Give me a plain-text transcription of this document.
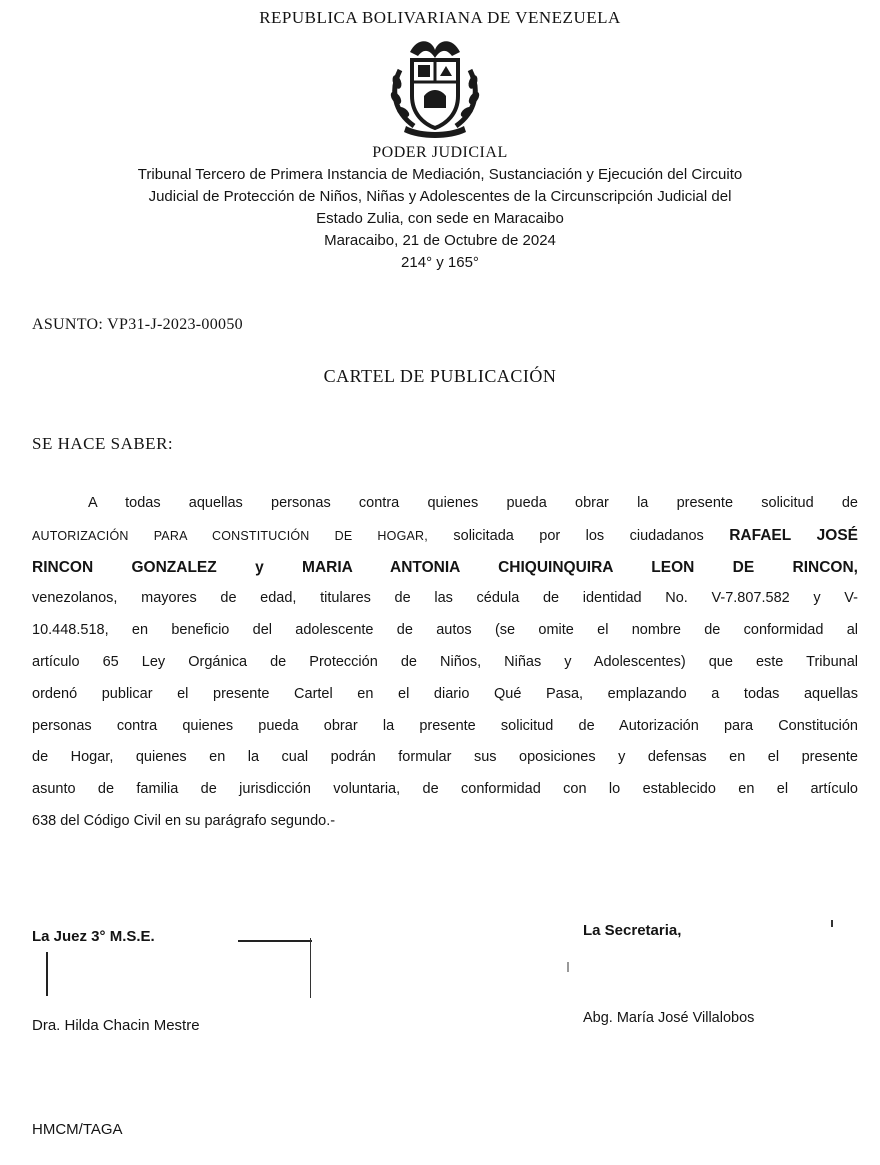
REPUBLICA BOLIVARIANA DE VENEZUELA
PODER JUDICIAL
Tribunal Tercero de Primera Instancia de Mediación, Sustanciación y Ejecución del Circuito
Judicial de Protección de Niños, Niñas y Adolescentes de la Circunscripción Judicial del
Estado Zulia, con sede en Maracaibo
Maracaibo, 21 de Octubre de 2024
214° y 165°
ASUNTO: VP31-J-2023-00050
CARTEL DE PUBLICACIÓN
SE HACE SABER:
A todas aquellas personas contra quienes pueda obrar la presente solicitud de
AUTORIZACIÓN PARA CONSTITUCIÓN DE HOGAR, solicitada por los ciudadanos RAFAEL JOSÉ
RINCON GONZALEZ y MARIA ANTONIA CHIQUINQUIRA LEON DE RINCON,
venezolanos, mayores de edad, titulares de las cédula de identidad No. V-7.807.582 y V-
10.448.518, en beneficio del adolescente de autos (se omite el nombre de conformidad al
artículo 65 Ley Orgánica de Protección de Niños, Niñas y Adolescentes) que este Tribunal
ordenó publicar el presente Cartel en el diario Qué Pasa, emplazando a todas aquellas
personas contra quienes pueda obrar la presente solicitud de Autorización para Constitución
de Hogar, quienes en la cual podrán formular sus oposiciones y defensas en el presente
asunto de familia de jurisdicción voluntaria, de conformidad con lo establecido en el artículo
638 del Código Civil en su parágrafo segundo.-
La Juez 3° M.S.E.
Dra. Hilda Chacin Mestre
La Secretaria,
Abg. María José Villalobos
HMCM/TAGA
